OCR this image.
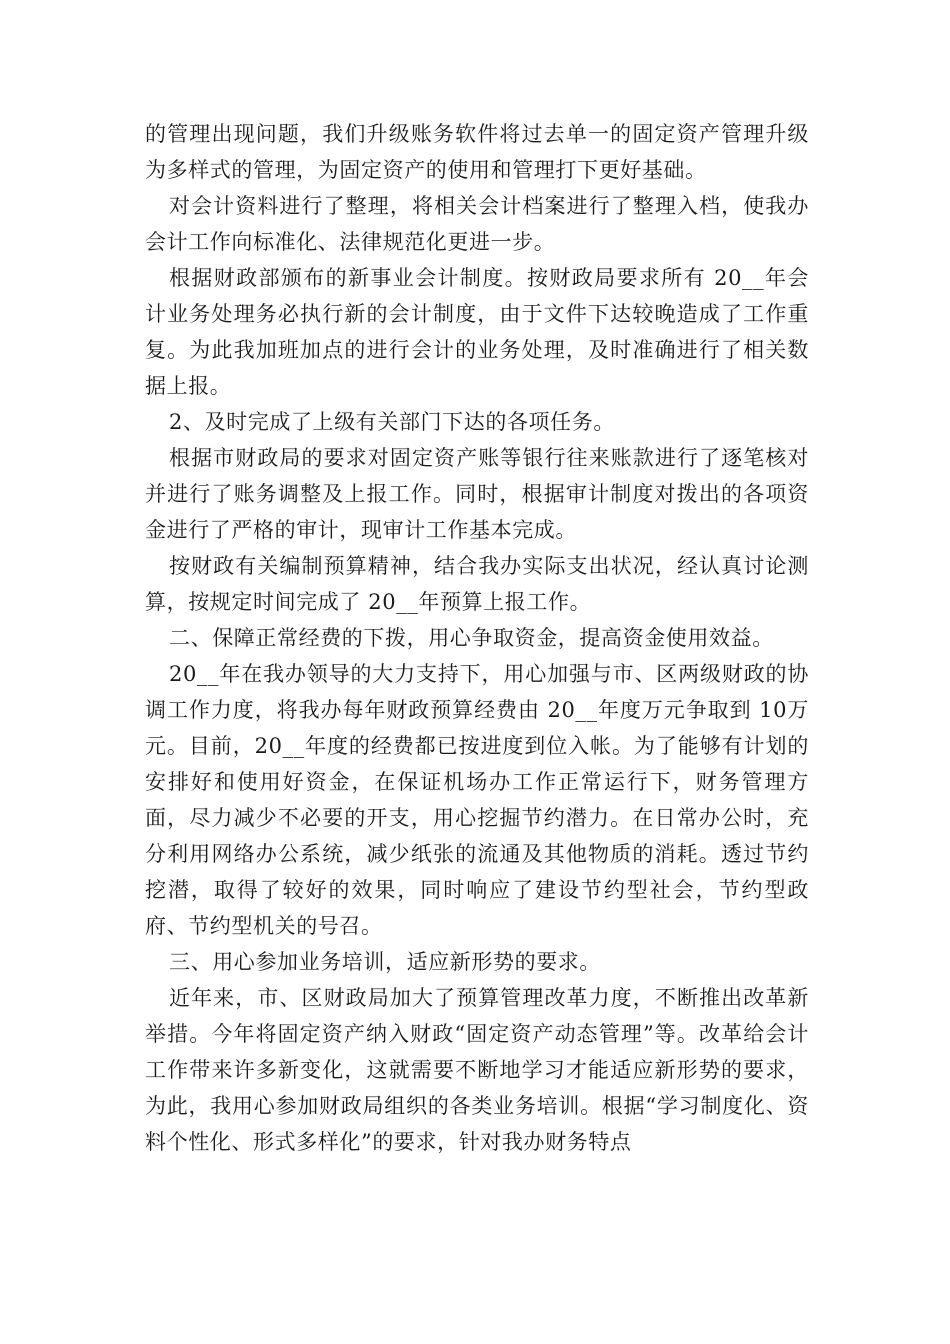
的管理出现问题，我们升级账务软件将过去单一的固定资产管理升级为多样式的管理，为固定资产的使用和管理打下更好基础。

对会计资料进行了整理，将相关会计档案进行了整理入档，使我办会计工作向标准化、法律规范化更进一步。

根据财政部颁布的新事业会计制度。按财政局要求所有 20__年会计业务处理务必执行新的会计制度，由于文件下达较晚造成了工作重复。为此我加班加点的进行会计的业务处理，及时准确进行了相关数据上报。

2、及时完成了上级有关部门下达的各项任务。

根据市财政局的要求对固定资产账等银行往来账款进行了逐笔核对并进行了账务调整及上报工作。同时，根据审计制度对拨出的各项资金进行了严格的审计，现审计工作基本完成。

按财政有关编制预算精神，结合我办实际支出状况，经认真讨论测算，按规定时间完成了 20__年预算上报工作。

二、保障正常经费的下拨，用心争取资金，提高资金使用效益。

20__年在我办领导的大力支持下，用心加强与市、区两级财政的协调工作力度，将我办每年财政预算经费由 20__年度万元争取到 10万元。目前，20__年度的经费都已按进度到位入帐。为了能够有计划的安排好和使用好资金，在保证机场办工作正常运行下，财务管理方面，尽力减少不必要的开支，用心挖掘节约潜力。在日常办公时，充分利用网络办公系统，减少纸张的流通及其他物质的消耗。透过节约挖潜，取得了较好的效果，同时响应了建设节约型社会，节约型政府、节约型机关的号召。

三、用心参加业务培训，适应新形势的要求。

近年来，市、区财政局加大了预算管理改革力度，不断推出改革新举措。今年将固定资产纳入财政“固定资产动态管理”等。改革给会计工作带来许多新变化，这就需要不断地学习才能适应新形势的要求，为此，我用心参加财政局组织的各类业务培训。根据“学习制度化、资料个性化、形式多样化”的要求，针对我办财务特点
